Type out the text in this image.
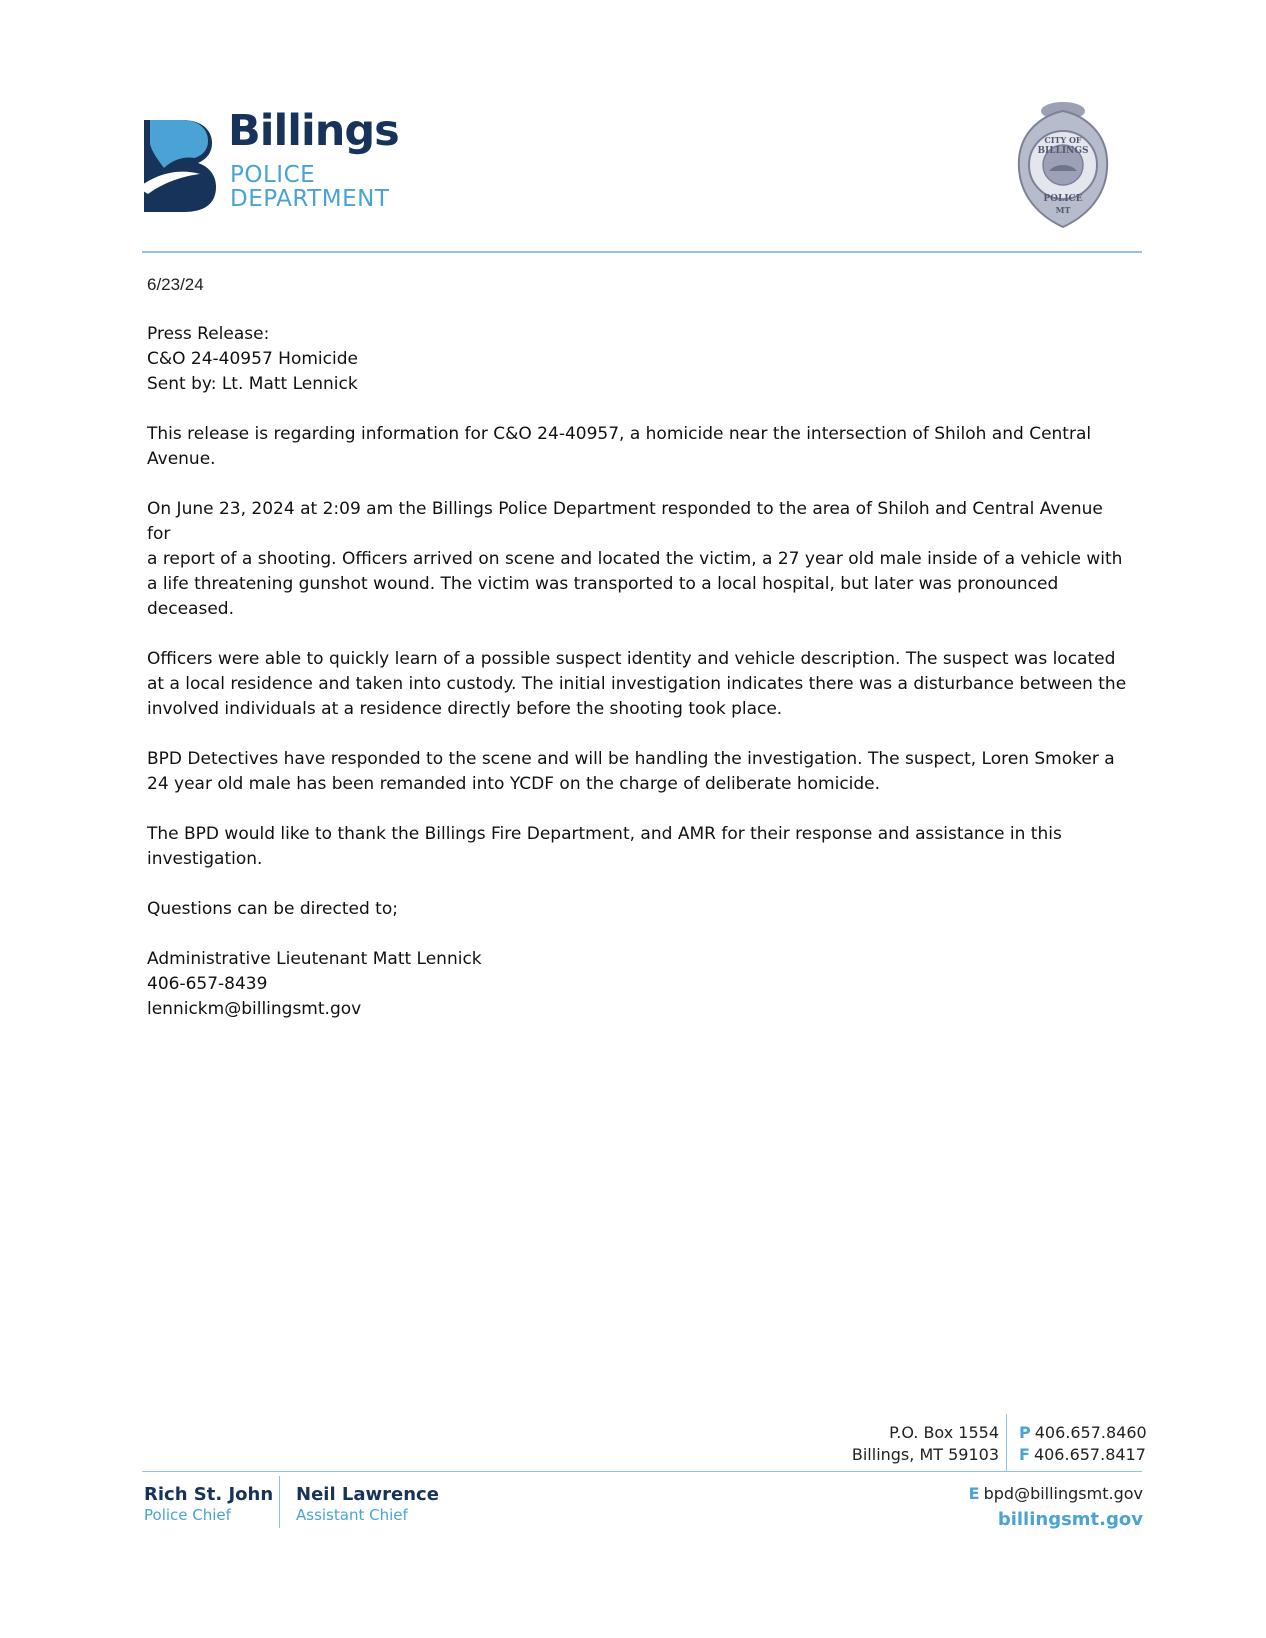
Billings
POLICE
DEPARTMENT
CITY OF
BILLINGS
POLICE
MT
6/23/24

Press Release:
C&O 24-40957 Homicide
Sent by: Lt. Matt Lennick

This release is regarding information for C&O 24-40957, a homicide near the intersection of Shiloh and Central
Avenue.

On June 23, 2024 at 2:09 am the Billings Police Department responded to the area of Shiloh and Central Avenue for
a report of a shooting. Officers arrived on scene and located the victim, a 27 year old male inside of a vehicle with
a life threatening gunshot wound. The victim was transported to a local hospital, but later was pronounced
deceased.

Officers were able to quickly learn of a possible suspect identity and vehicle description. The suspect was located
at a local residence and taken into custody. The initial investigation indicates there was a disturbance between the
involved individuals at a residence directly before the shooting took place.

BPD Detectives have responded to the scene and will be handling the investigation. The suspect, Loren Smoker a
24 year old male has been remanded into YCDF on the charge of deliberate homicide.

The BPD would like to thank the Billings Fire Department, and AMR for their response and assistance in this
investigation.

Questions can be directed to;

Administrative Lieutenant Matt Lennick
406-657-8439
lennickm@billingsmt.gov

P.O. Box 1554
Billings, MT 59103
P 406.657.8460
F 406.657.8417
Rich St. John
Police Chief
Neil Lawrence
Assistant Chief
E bpd@billingsmt.gov
billingsmt.gov
